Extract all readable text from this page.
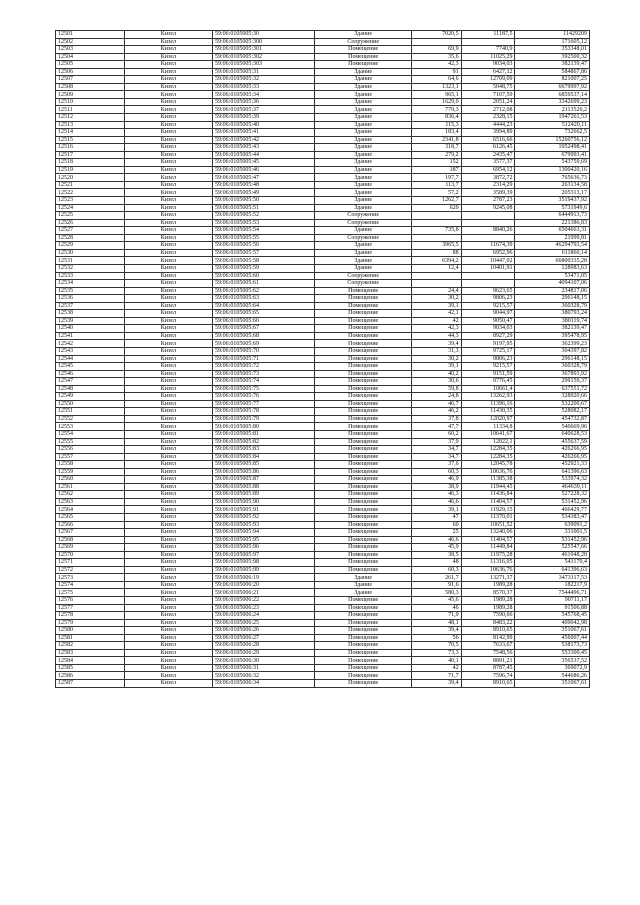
12501	Кизел	59:06:0105005:30	Здание	7020,5	11187,5	11429209
12502	Кизел	59:06:0105005:300	Сооружение			171605,12
12503	Кизел	59:06:0105005:301	Помещение	69,9	7740,9	353348,01
12504	Кизел	59:06:0105005:302	Помещение	35,6	11025,29	392500,32
12505	Кизел	59:06:0105005:303	Помещение	42,3	9034,03	382139,47
12506	Кизел	59:06:0105005:31	Здание	91	6427,12	584867,86
12507	Кизел	59:06:0105005:32	Здание	64,6	12709,09	821007,25
12508	Кизел	59:06:0105005:33	Здание	1323,1	5048,75	6679997,92
12509	Кизел	59:06:0105005:34	Здание	965,1	7107,59	6859537,14
12510	Кизел	59:06:0105005:36	Здание	1629,0	2051,24	3342699,23
12511	Кизел	59:06:0105005:37	Здание	779,3	2712,08	2113526,2
12512	Кизел	59:06:0105005:39	Здание	836,4	2328,15	1947261,53
12513	Кизел	59:06:0105005:40	Здание	115,3	4444,23	512420,11
12514	Кизел	59:06:0105005:41	Здание	183,4	3994,89	732662,5
12515	Кизел	59:06:0105005:42	Здание	2341,8	6516,66	15260756,12
12516	Кизел	59:06:0105005:43	Здание	318,7	6126,45	1952498,41
12517	Кизел	59:06:0105005:44	Здание	279,2	2435,47	679993,41
12518	Кизел	59:06:0105005:45	Здание	152	3577,37	543759,69
12519	Кизел	59:06:0105005:46	Здание	187	6954,12	1300420,16
12520	Кизел	59:06:0105005:47	Здание	197,7	3872,72	765636,73
12521	Кизел	59:06:0105005:48	Здание	113,7	2314,29	263134,58
12522	Кизел	59:06:0105005:49	Здание	57,2	3589,39	205313,17
12523	Кизел	59:06:0105005:50	Здание	1262,7	2787,23	3519437,92
12524	Кизел	59:06:0105005:51	Здание	620	9245,08	5731949,6
12525	Кизел	59:06:0105005:52	Сооружение			6444913,73
12526	Кизел	59:06:0105005:53	Сооружение			221386,83
12527	Кизел	59:06:0105005:54	Здание	735,8	8840,26	6504663,31
12528	Кизел	59:06:0105005:55	Сооружение			21999,81
12529	Кизел	59:06:0105005:56	Здание	3965,5	11674,39	46294793,54
12530	Кизел	59:06:0105005:57	Здание	88	6952,96	611860,14
12531	Кизел	59:06:0105005:58	Здание	6394,2	10447,02	66800335,28
12532	Кизел	59:06:0105005:59	Здание	12,4	10401,91	128983,63
12533	Кизел	59:06:0105005:60	Сооружение			53471,05
12534	Кизел	59:06:0105005:61	Сооружение			4094107,06
12535	Кизел	59:06:0105005:62	Помещение	24,4	9623,65	234817,06
12536	Кизел	59:06:0105005:63	Помещение	30,2	9806,23	296148,15
12537	Кизел	59:06:0105005:64	Помещение	39,1	9215,57	360328,79
12538	Кизел	59:06:0105005:65	Помещение	42,1	9044,97	380793,24
12539	Кизел	59:06:0105005:66	Помещение	42	9050,47	380119,74
12540	Кизел	59:06:0105005:67	Помещение	42,3	9034,03	382139,47
12541	Кизел	59:06:0105005:68	Помещение	44,3	8927,29	395478,95
12542	Кизел	59:06:0105005:69	Помещение	39,4	9197,95	362399,23
12543	Кизел	59:06:0105005:70	Помещение	31,3	9725,17	304397,82
12544	Кизел	59:06:0105005:71	Помещение	30,2	9806,23	296148,15
12545	Кизел	59:06:0105005:72	Помещение	39,1	9215,57	360328,79
12546	Кизел	59:06:0105005:73	Помещение	40,2	9151,59	367893,92
12547	Кизел	59:06:0105005:74	Помещение	30,6	9776,45	299159,37
12548	Кизел	59:06:0105005:75	Помещение	59,8	10661,4	637551,72
12549	Кизел	59:06:0105005:76	Помещение	24,8	13262,93	328920,66
12550	Кизел	59:06:0105005:77	Помещение	46,7	11396,16	532200,67
12551	Кизел	59:06:0105005:78	Помещение	46,2	11430,35	528082,17
12552	Кизел	59:06:0105005:79	Помещение	37,8	12020,97	454732,87
12553	Кизел	59:06:0105005:80	Помещение	47,7	11334,8	540669,96
12554	Кизел	59:06:0105005:81	Помещение	60,2	10641,67	640628,53
12555	Кизел	59:06:0105005:82	Помещение	37,9	12022,1	455637,59
12556	Кизел	59:06:0105005:83	Помещение	34,7	12284,35	426266,95
12557	Кизел	59:06:0105005:84	Помещение	34,7	12284,35	426266,95
12558	Кизел	59:06:0105005:85	Помещение	37,6	12045,78	452921,33
12559	Кизел	59:06:0105005:86	Помещение	60,3	10636,76	641396,63
12560	Кизел	59:06:0105005:87	Помещение	46,9	11385,38	533974,32
12561	Кизел	59:06:0105005:88	Помещение	38,9	11944,45	464639,11
12562	Кизел	59:06:0105005:89	Помещение	46,3	11436,84	527228,32
12563	Кизел	59:06:0105005:90	Помещение	46,6	11404,57	531452,96
12564	Кизел	59:06:0105005:91	Помещение	39,1	11929,15	466429,77
12565	Кизел	59:06:0105005:92	Помещение	47	11370,01	534383,47
12566	Кизел	59:06:0105005:93	Помещение	60	10651,52	639091,2
12567	Кизел	59:06:0105005:94	Помещение	25	13240,06	331001,5
12568	Кизел	59:06:0105005:95	Помещение	46,6	11404,57	531452,96
12569	Кизел	59:06:0105005:96	Помещение	45,9	11449,84	525547,66
12570	Кизел	59:06:0105005:97	Помещение	38,5	11975,28	461048,28
12571	Кизел	59:06:0105005:98	Помещение	48	11316,05	543170,4
12572	Кизел	59:06:0105005:99	Помещение	60,3	10636,76	641396,63
12573	Кизел	59:06:0105006:19	Здание	261,7	13271,37	3473117,53
12574	Кизел	59:06:0105006:20	Здание	91,6	1989,28	182217,9
12575	Кизел	59:06:0105006:21	Здание	580,3	8570,37	7544496,71
12576	Кизел	59:06:0105006:22	Помещение	45,6	1989,28	90711,17
12577	Кизел	59:06:0105006:23	Помещение	46	1989,28	91506,88
12578	Кизел	59:06:0105006:24	Помещение	71,9	7590,66	545768,45
12579	Кизел	59:06:0105006:25	Помещение	48,1	8483,22	409042,98
12580	Кизел	59:06:0105006:26	Помещение	39,4	8910,65	351067,61
12581	Кизел	59:06:0105006:27	Помещение	56	8142,99	456007,44
12582	Кизел	59:06:0105006:28	Помещение	70,5	7633,67	538173,73
12583	Кизел	59:06:0105006:29	Помещение	73,3	7548,56	553300,45
12584	Кизел	59:06:0105006:30	Помещение	40,1	8891,21	356537,52
12585	Кизел	59:06:0105006:31	Помещение	42	8787,45	369072,9
12586	Кизел	59:06:0105006:32	Помещение	71,7	7596,74	544686,26
12587	Кизел	59:06:0105006:34	Помещение	39,4	8910,65	351067,61
